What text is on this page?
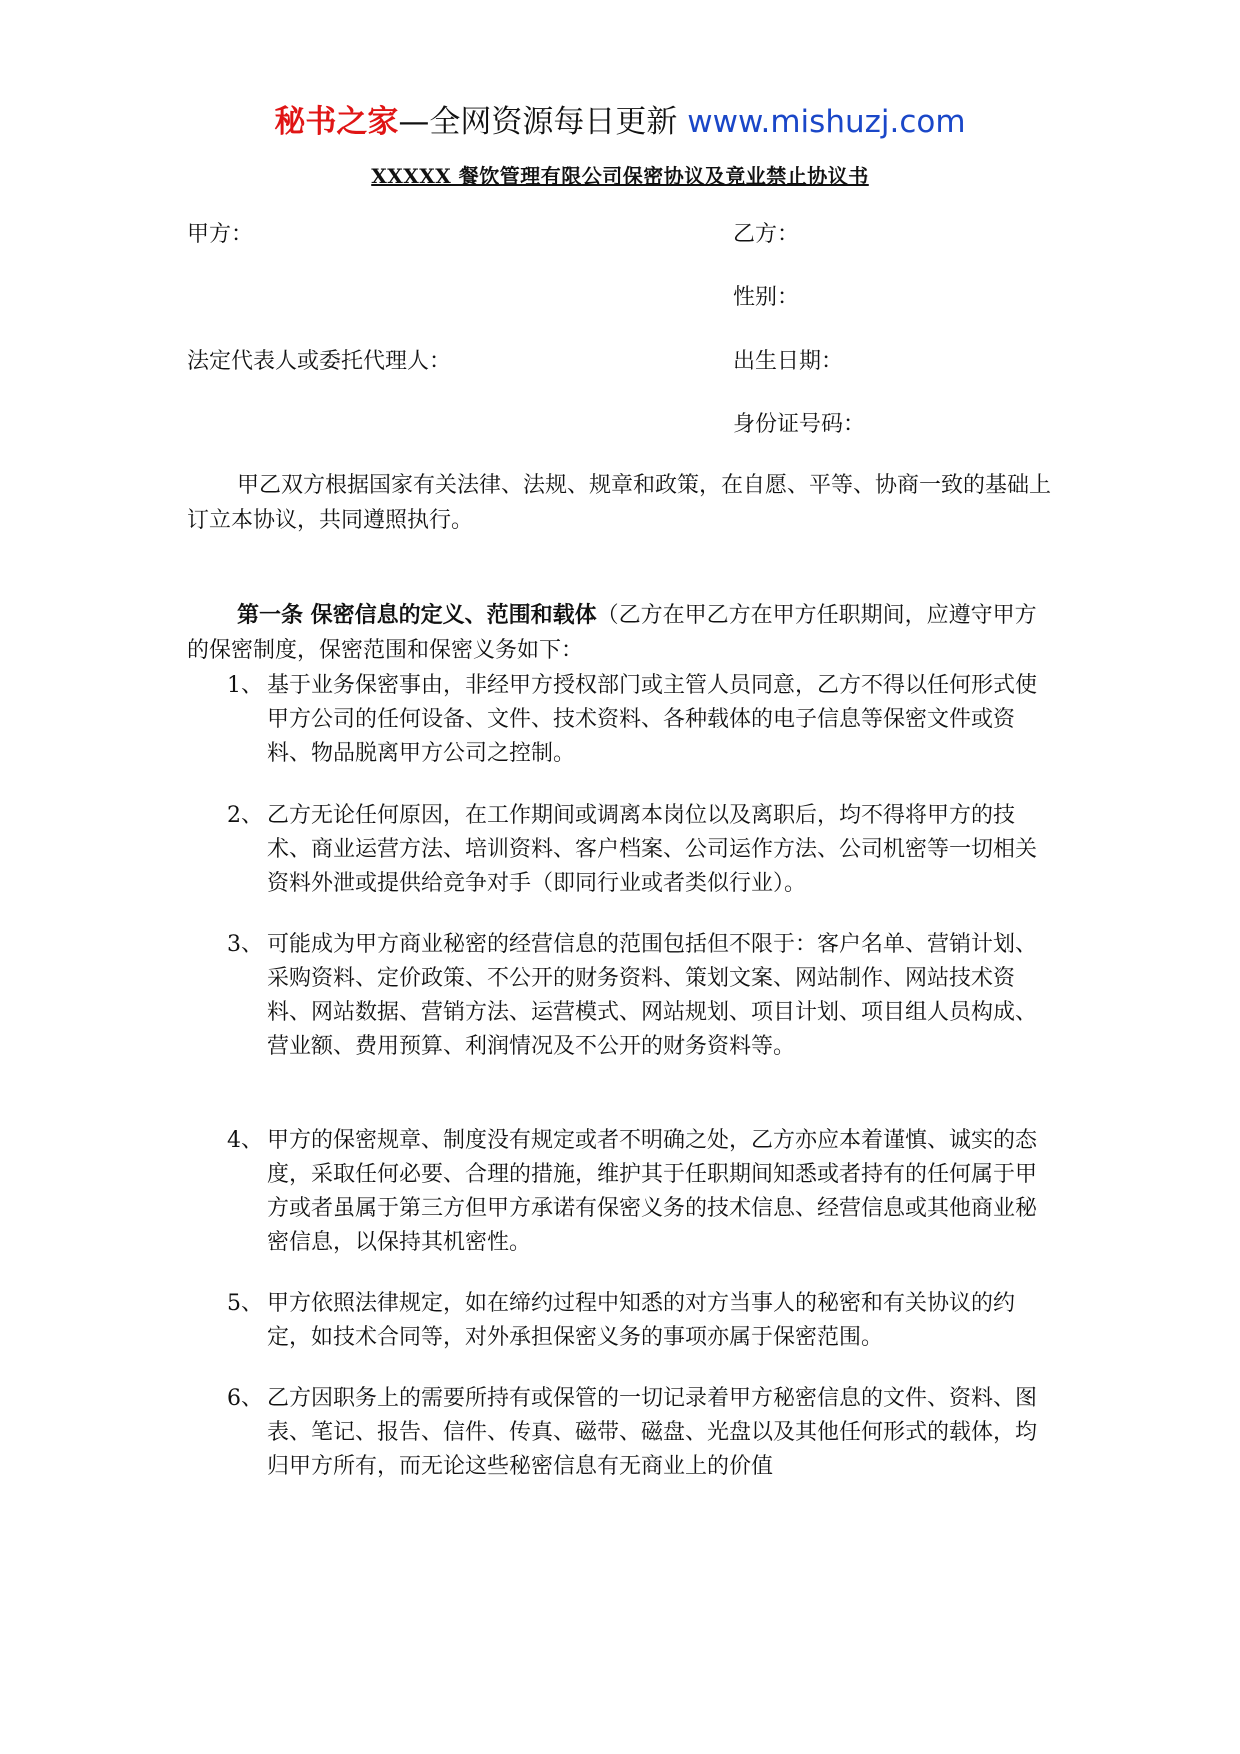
秘书之家—全网资源每日更新 www.mishuzj.com
XXXXX 餐饮管理有限公司保密协议及竟业禁止协议书
甲方：	乙方：
性别：
法定代表人或委托代理人：	出生日期：
身份证号码：
甲乙双方根据国家有关法律、法规、规章和政策，在自愿、平等、协商一致的基础上订立本协议，共同遵照执行。
第一条 保密信息的定义、范围和载体（乙方在甲乙方在甲方任职期间，应遵守甲方的保密制度，保密范围和保密义务如下：
1、 基于业务保密事由，非经甲方授权部门或主管人员同意，乙方不得以任何形式使甲方公司的任何设备、文件、技术资料、各种载体的电子信息等保密文件或资料、物品脱离甲方公司之控制。
2、 乙方无论任何原因，在工作期间或调离本岗位以及离职后，均不得将甲方的技术、商业运营方法、培训资料、客户档案、公司运作方法、公司机密等一切相关资料外泄或提供给竞争对手（即同行业或者类似行业）。
3、 可能成为甲方商业秘密的经营信息的范围包括但不限于：客户名单、营销计划、采购资料、定价政策、不公开的财务资料、策划文案、网站制作、网站技术资料、网站数据、营销方法、运营模式、网站规划、项目计划、项目组人员构成、营业额、费用预算、利润情况及不公开的财务资料等。
4、 甲方的保密规章、制度没有规定或者不明确之处，乙方亦应本着谨慎、诚实的态度，采取任何必要、合理的措施，维护其于任职期间知悉或者持有的任何属于甲方或者虽属于第三方但甲方承诺有保密义务的技术信息、经营信息或其他商业秘密信息，以保持其机密性。
5、 甲方依照法律规定，如在缔约过程中知悉的对方当事人的秘密和有关协议的约定，如技术合同等，对外承担保密义务的事项亦属于保密范围。
6、 乙方因职务上的需要所持有或保管的一切记录着甲方秘密信息的文件、资料、图表、笔记、报告、信件、传真、磁带、磁盘、光盘以及其他任何形式的载体，均归甲方所有，而无论这些秘密信息有无商业上的价值
